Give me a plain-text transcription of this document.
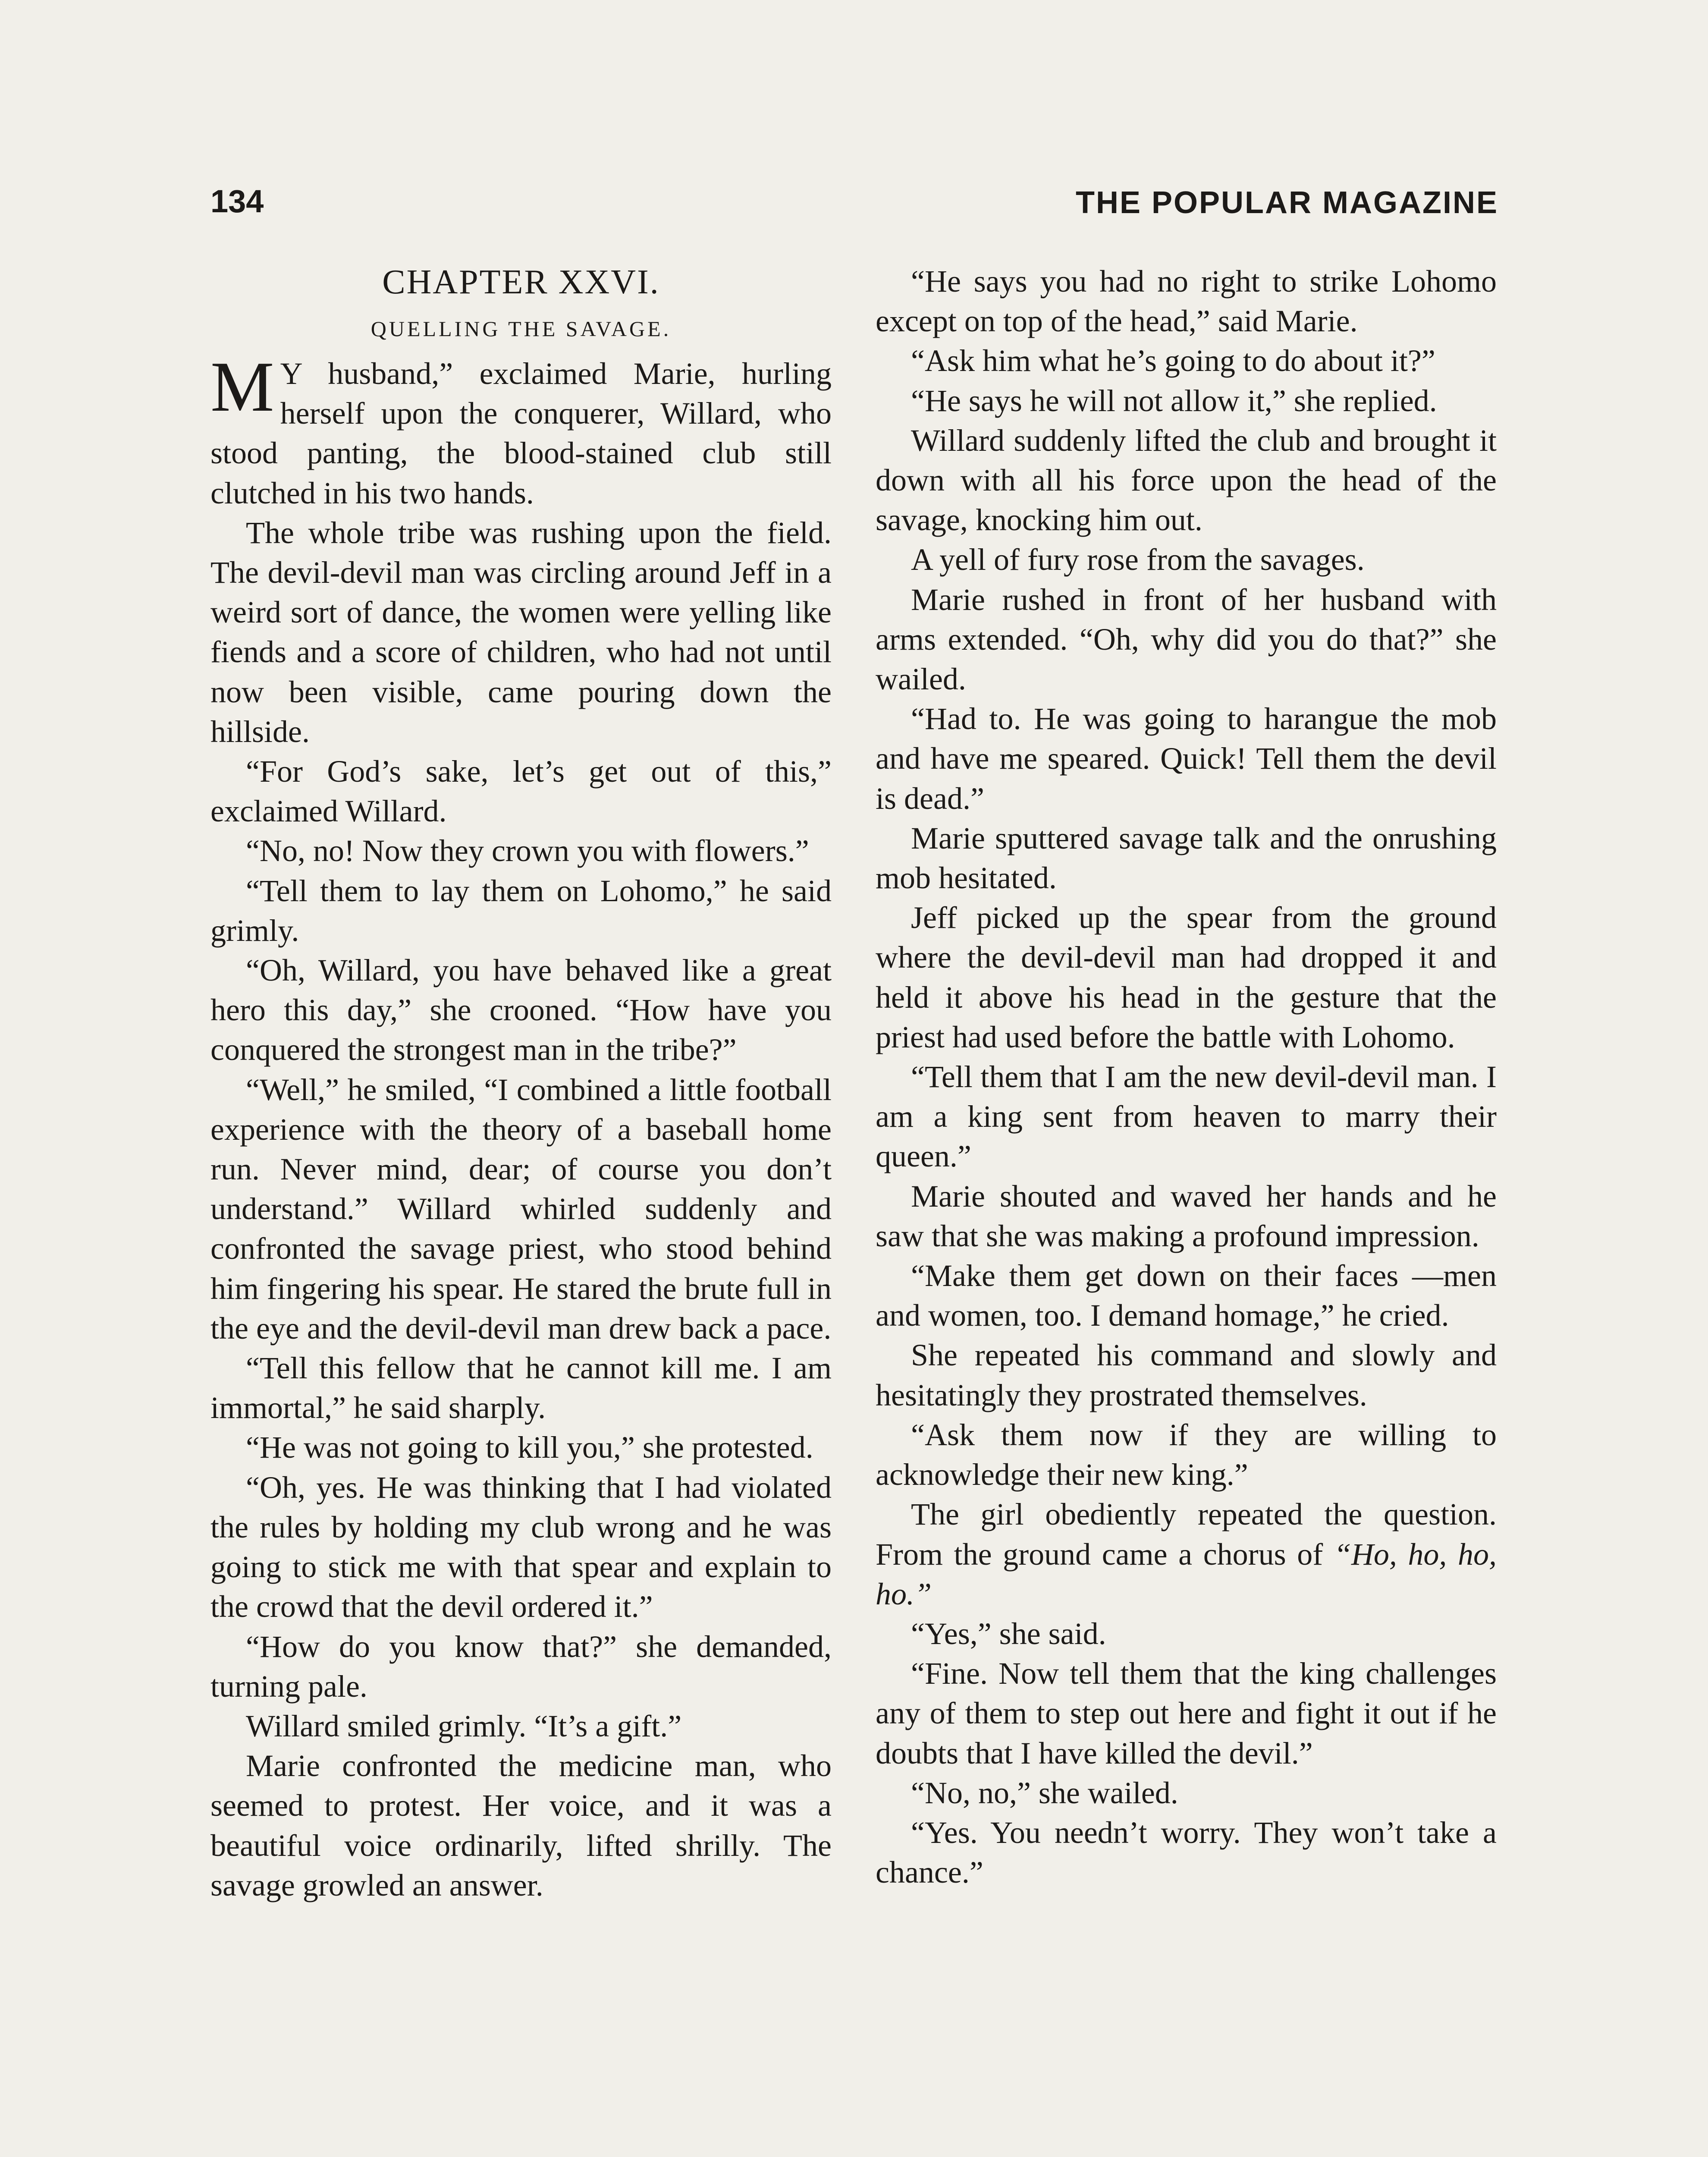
134	THE POPULAR MAGAZINE
CHAPTER XXVI.
QUELLING THE SAVAGE.

M Y husband,” exclaimed Marie, hurling herself upon the conquerer, Willard, who stood panting, the blood-stained club still clutched in his two hands.

The whole tribe was rushing upon the field. The devil-devil man was circling around Jeff in a weird sort of dance, the women were yelling like fiends and a score of children, who had not until now been visible, came pouring down the hillside.

“For God’s sake, let’s get out of this,” exclaimed Willard.

“No, no! Now they crown you with flowers.”

“Tell them to lay them on Lohomo,” he said grimly.

“Oh, Willard, you have behaved like a great hero this day,” she crooned. “How have you conquered the strongest man in the tribe?”

“Well,” he smiled, “I combined a little football experience with the theory of a baseball home run. Never mind, dear; of course you don’t understand.” Willard whirled suddenly and confronted the savage priest, who stood behind him fingering his spear. He stared the brute full in the eye and the devil-devil man drew back a pace.

“Tell this fellow that he cannot kill me. I am immortal,” he said sharply.

“He was not going to kill you,” she protested.

“Oh, yes. He was thinking that I had violated the rules by holding my club wrong and he was going to stick me with that spear and explain to the crowd that the devil ordered it.”

“How do you know that?” she demanded, turning pale.

Willard smiled grimly. “It’s a gift.”

Marie confronted the medicine man, who seemed to protest. Her voice, and it was a beautiful voice ordinarily, lifted shrilly. The savage growled an answer.

“He says you had no right to strike Lohomo except on top of the head,” said Marie.

“Ask him what he’s going to do about it?”

“He says he will not allow it,” she replied.

Willard suddenly lifted the club and brought it down with all his force upon the head of the savage, knocking him out.

A yell of fury rose from the savages.

Marie rushed in front of her husband with arms extended. “Oh, why did you do that?” she wailed.

“Had to. He was going to harangue the mob and have me speared. Quick! Tell them the devil is dead.”

Marie sputtered savage talk and the onrushing mob hesitated.

Jeff picked up the spear from the ground where the devil-devil man had dropped it and held it above his head in the gesture that the priest had used before the battle with Lohomo.

“Tell them that I am the new devil-devil man. I am a king sent from heaven to marry their queen.”

Marie shouted and waved her hands and he saw that she was making a profound impression.

“Make them get down on their faces —men and women, too. I demand homage,” he cried.

She repeated his command and slowly and hesitatingly they prostrated themselves.

“Ask them now if they are willing to acknowledge their new king.”

The girl obediently repeated the question. From the ground came a chorus of “Ho, ho, ho, ho.”

“Yes,” she said.

“Fine. Now tell them that the king challenges any of them to step out here and fight it out if he doubts that I have killed the devil.”

“No, no,” she wailed.

“Yes. You needn’t worry. They won’t take a chance.”
